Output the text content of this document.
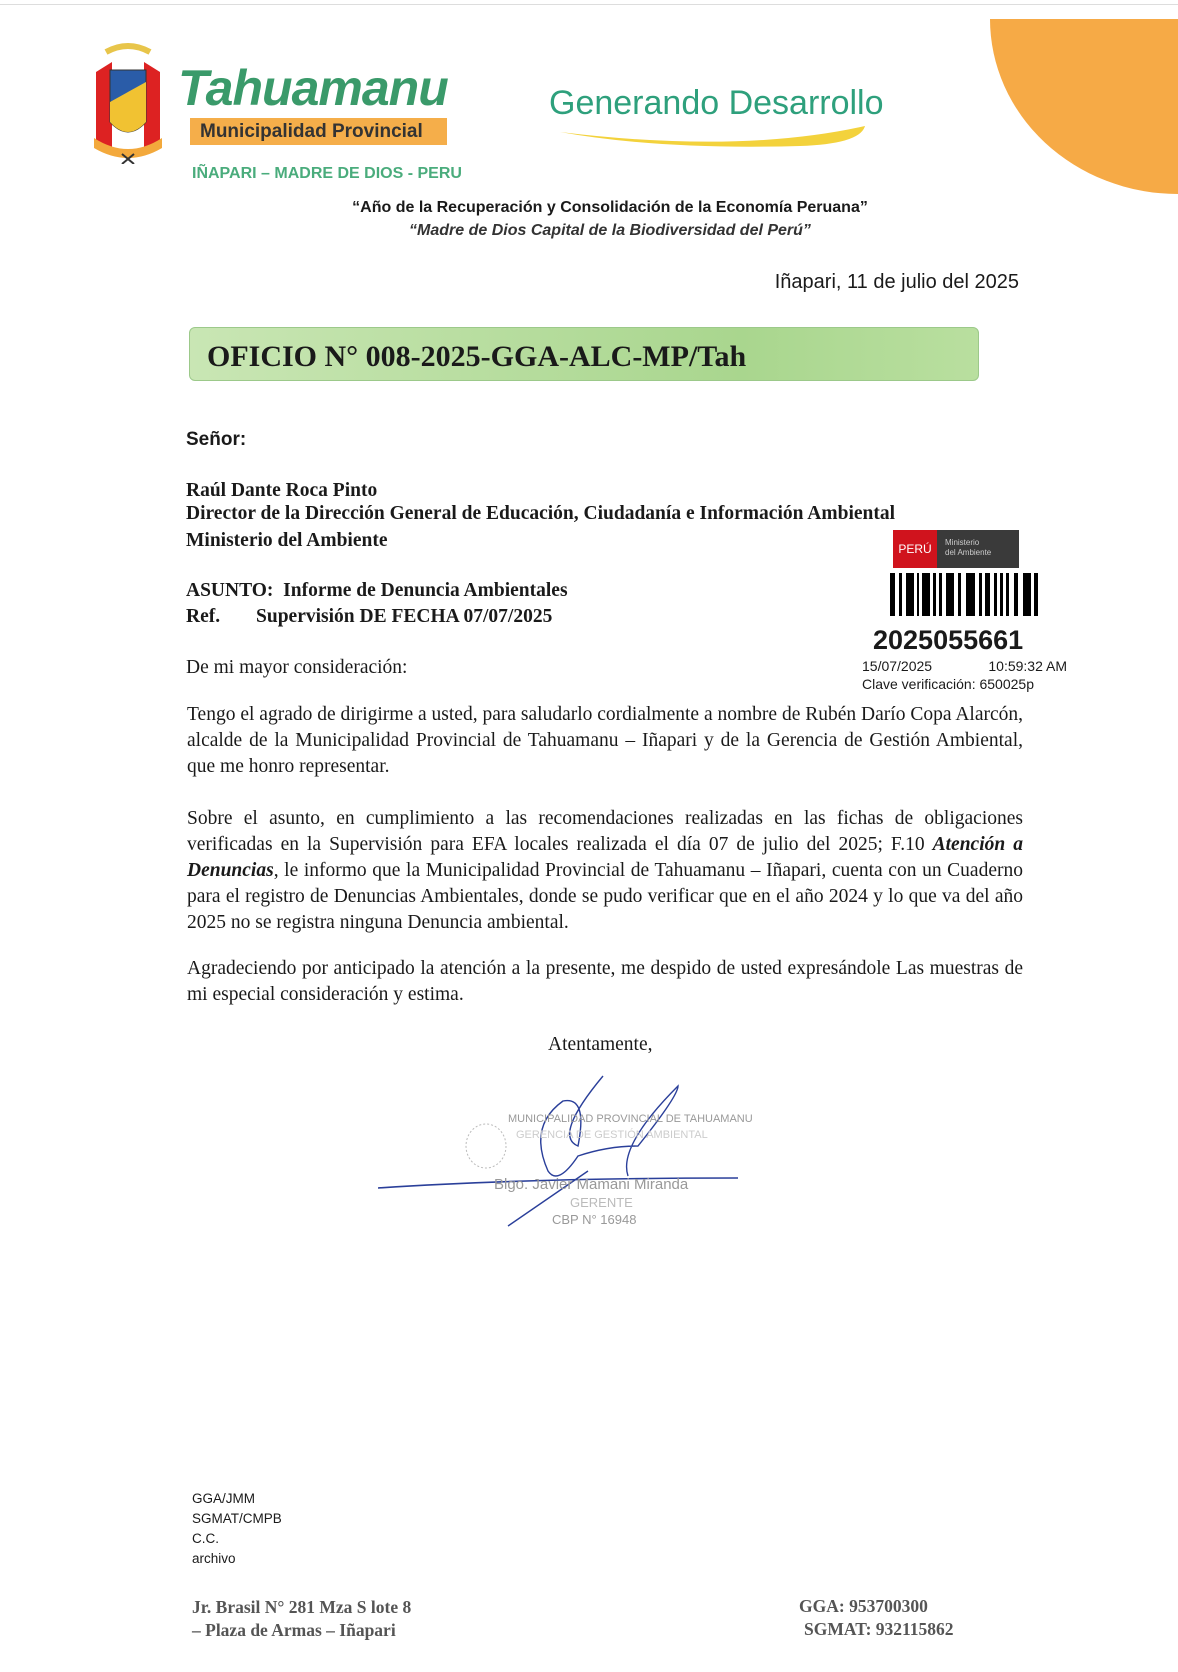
Tahuamanu
Municipalidad Provincial
Generando Desarrollo
IÑAPARI – MADRE DE DIOS - PERU
“Año de la Recuperación y Consolidación de la Economía Peruana”
“Madre de Dios Capital de la Biodiversidad del Perú”
Iñapari, 11 de julio del 2025
OFICIO N° 008-2025-GGA-ALC-MP/Tah
Señor:
Raúl Dante Roca Pinto
Director de la Dirección General de Educación, Ciudadanía e Información Ambiental
Ministerio del Ambiente
ASUNTO: Informe de Denuncia Ambientales
Ref. Supervisión DE FECHA 07/07/2025
De mi mayor consideración:
PERÚ	Ministerio
del Ambiente
2025055661
15/07/2025	10:59:32 AM
Clave verificación: 650025p
Tengo el agrado de dirigirme a usted, para saludarlo cordialmente a nombre de Rubén Darío Copa Alarcón, alcalde de la Municipalidad Provincial de Tahuamanu – Iñapari y de la Gerencia de Gestión Ambiental, que me honro representar.
Sobre el asunto, en cumplimiento a las recomendaciones realizadas en las fichas de obligaciones verificadas en la Supervisión para EFA locales realizada el día 07 de julio del 2025; F.10 Atención a Denuncias, le informo que la Municipalidad Provincial de Tahuamanu – Iñapari, cuenta con un Cuaderno para el registro de Denuncias Ambientales, donde se pudo verificar que en el año 2024 y lo que va del año 2025 no se registra ninguna Denuncia ambiental.
Agradeciendo por anticipado la atención a la presente, me despido de usted expresándole Las muestras de mi especial consideración y estima.
Atentamente,
MUNICIPALIDAD PROVINCIAL DE TAHUAMANU
GERENCIA DE GESTIÓN AMBIENTAL
Blgo. Javier Mamani Miranda
GERENTE
CBP N° 16948
GGA/JMM
SGMAT/CMPB
C.C.
archivo
Jr. Brasil N° 281 Mza S lote 8
– Plaza de Armas – Iñapari
GGA: 953700300
SGMAT: 932115862
